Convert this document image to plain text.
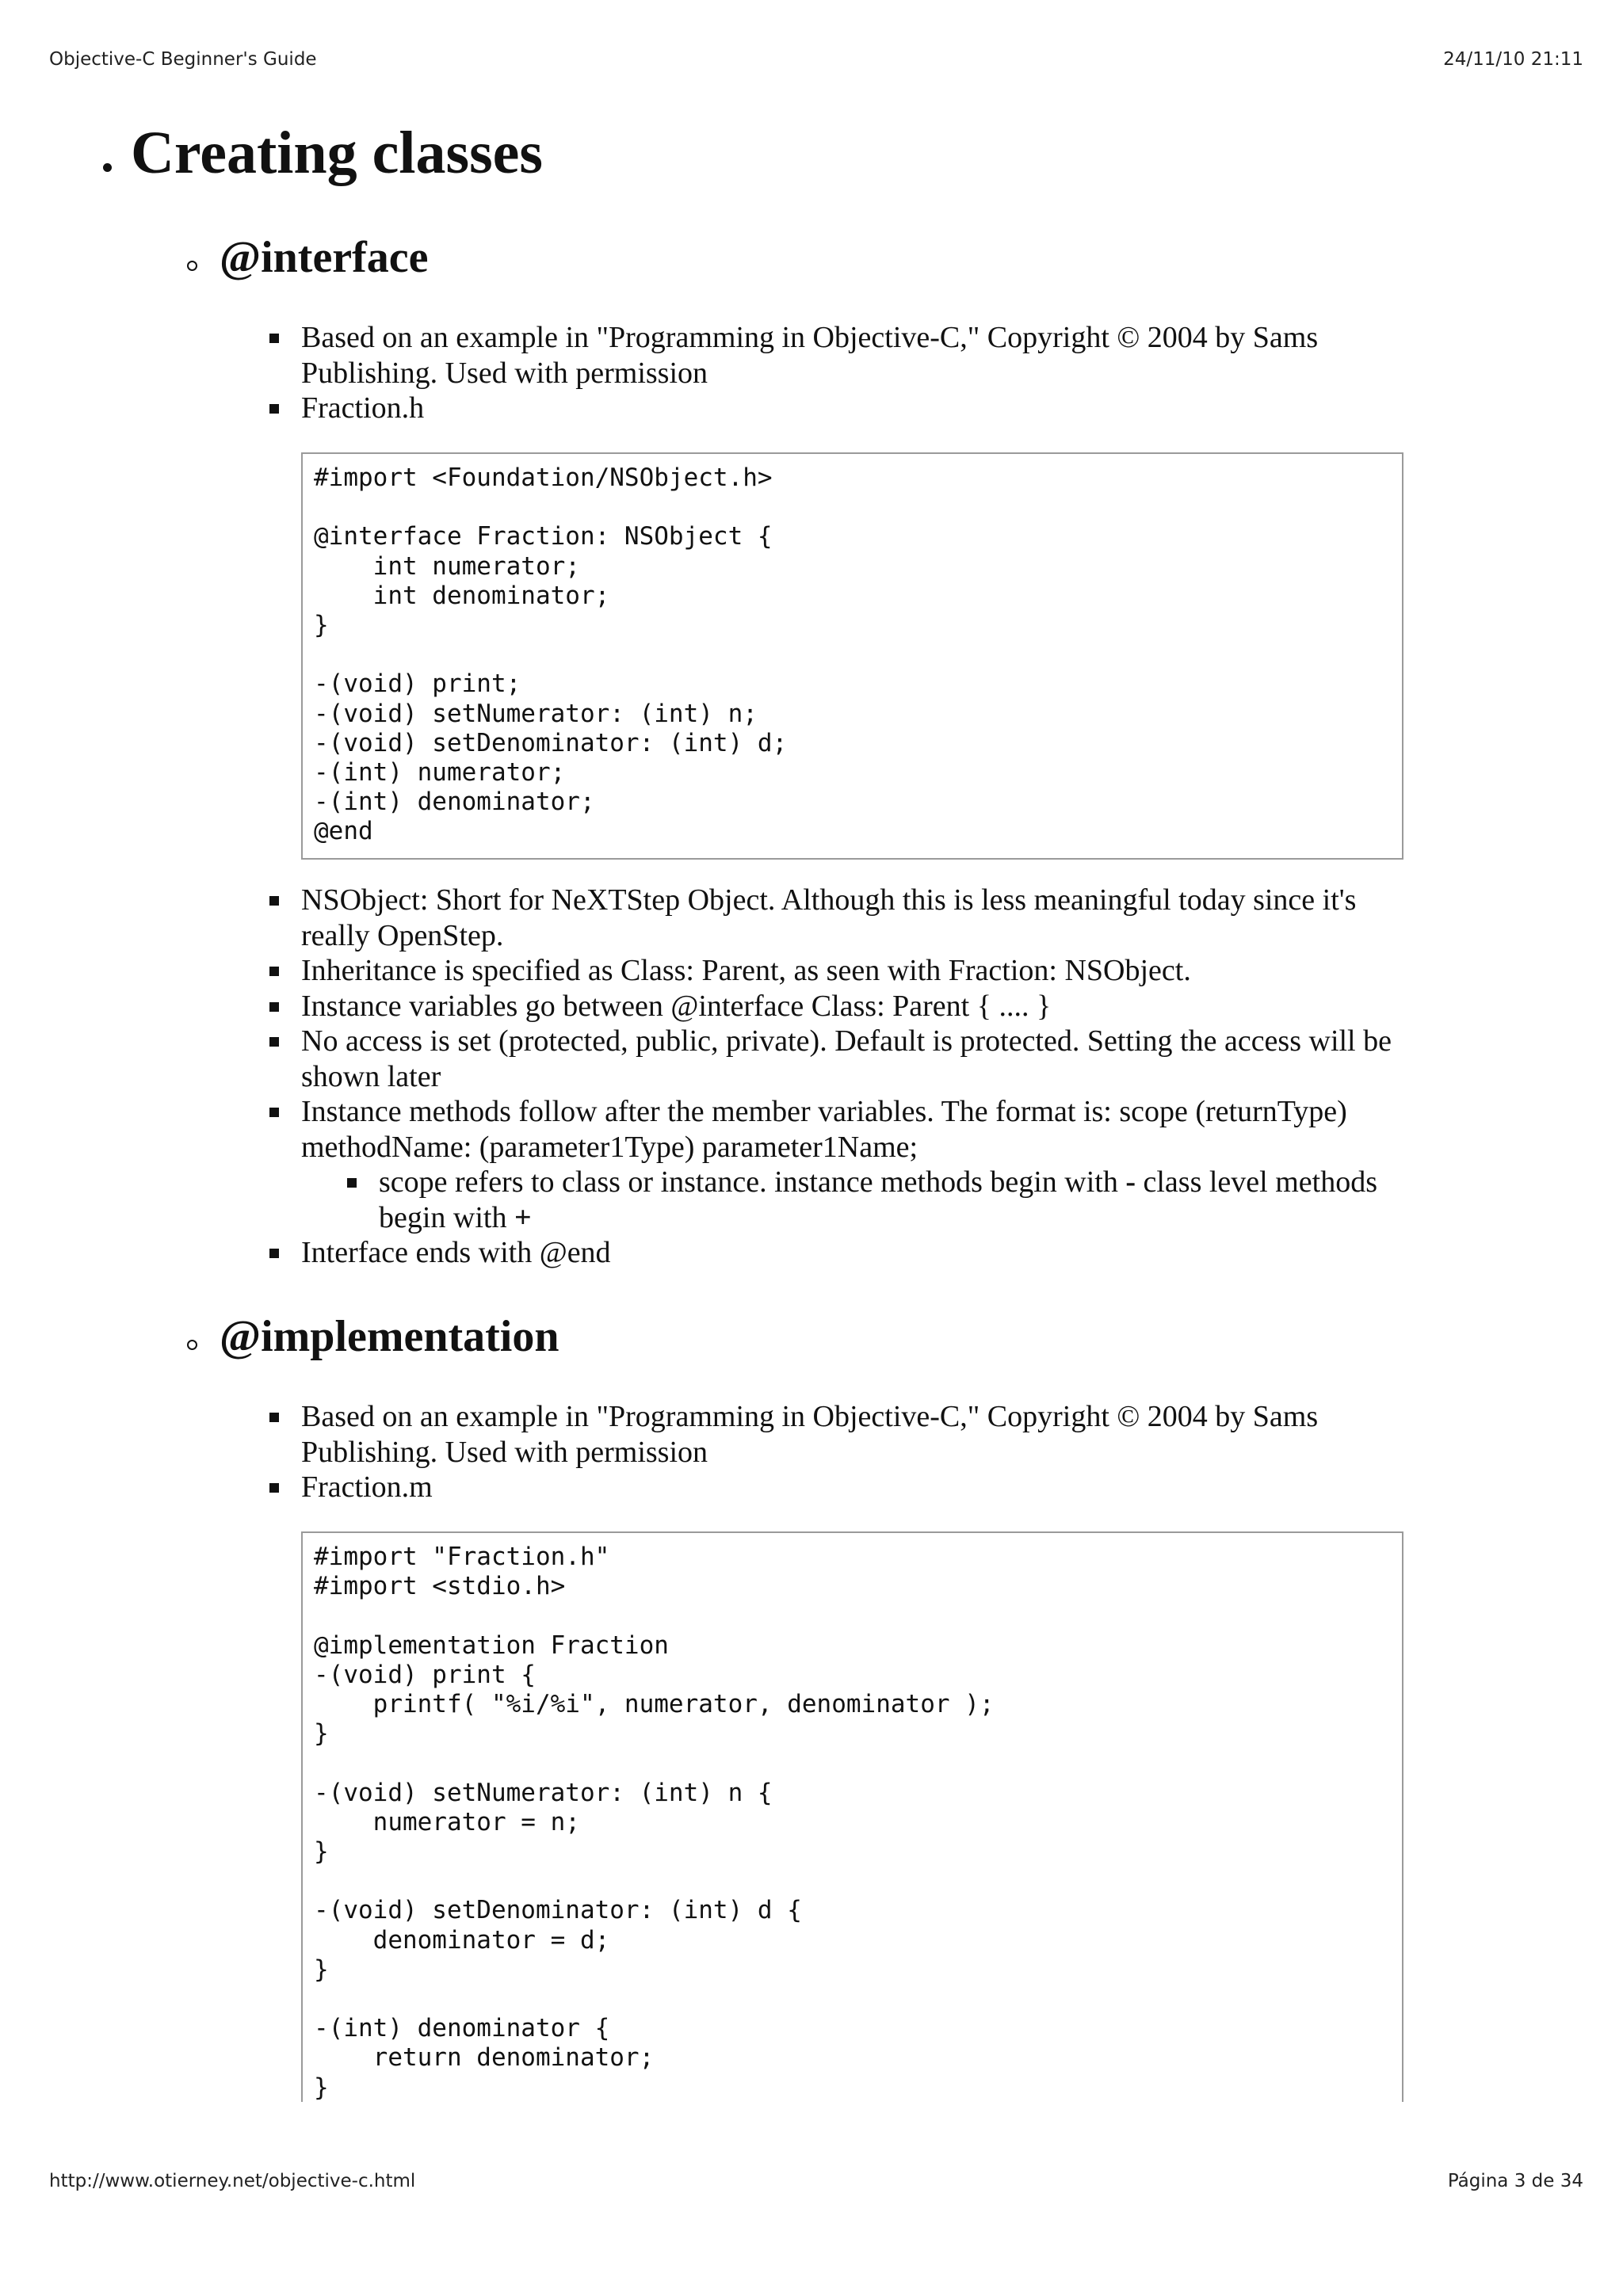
Objective-C Beginner's Guide	24/11/10 21:11
Creating classes
@interface
Based on an example in "Programming in Objective-C," Copyright © 2004 by Sams Publishing. Used with permission
Fraction.h
#import <Foundation/NSObject.h>

@interface Fraction: NSObject {
int numerator;
int denominator;
}

-(void) print;
-(void) setNumerator: (int) n;
-(void) setDenominator: (int) d;
-(int) numerator;
-(int) denominator;
@end
NSObject: Short for NeXTStep Object. Although this is less meaningful today since it's really OpenStep.
Inheritance is specified as Class: Parent, as seen with Fraction: NSObject.
Instance variables go between @interface Class: Parent { .... }
No access is set (protected, public, private). Default is protected. Setting the access will be shown later
Instance methods follow after the member variables. The format is: scope (returnType) methodName: (parameter1Type) parameter1Name;
scope refers to class or instance. instance methods begin with - class level methods begin with +
Interface ends with @end
@implementation
Based on an example in "Programming in Objective-C," Copyright © 2004 by Sams Publishing. Used with permission
Fraction.m
#import "Fraction.h"
#import <stdio.h>

@implementation Fraction
-(void) print {
printf( "%i/%i", numerator, denominator );
}

-(void) setNumerator: (int) n {
numerator = n;
}

-(void) setDenominator: (int) d {
denominator = d;
}

-(int) denominator {
return denominator;
}
http://www.otierney.net/objective-c.html	Página 3 de 34
